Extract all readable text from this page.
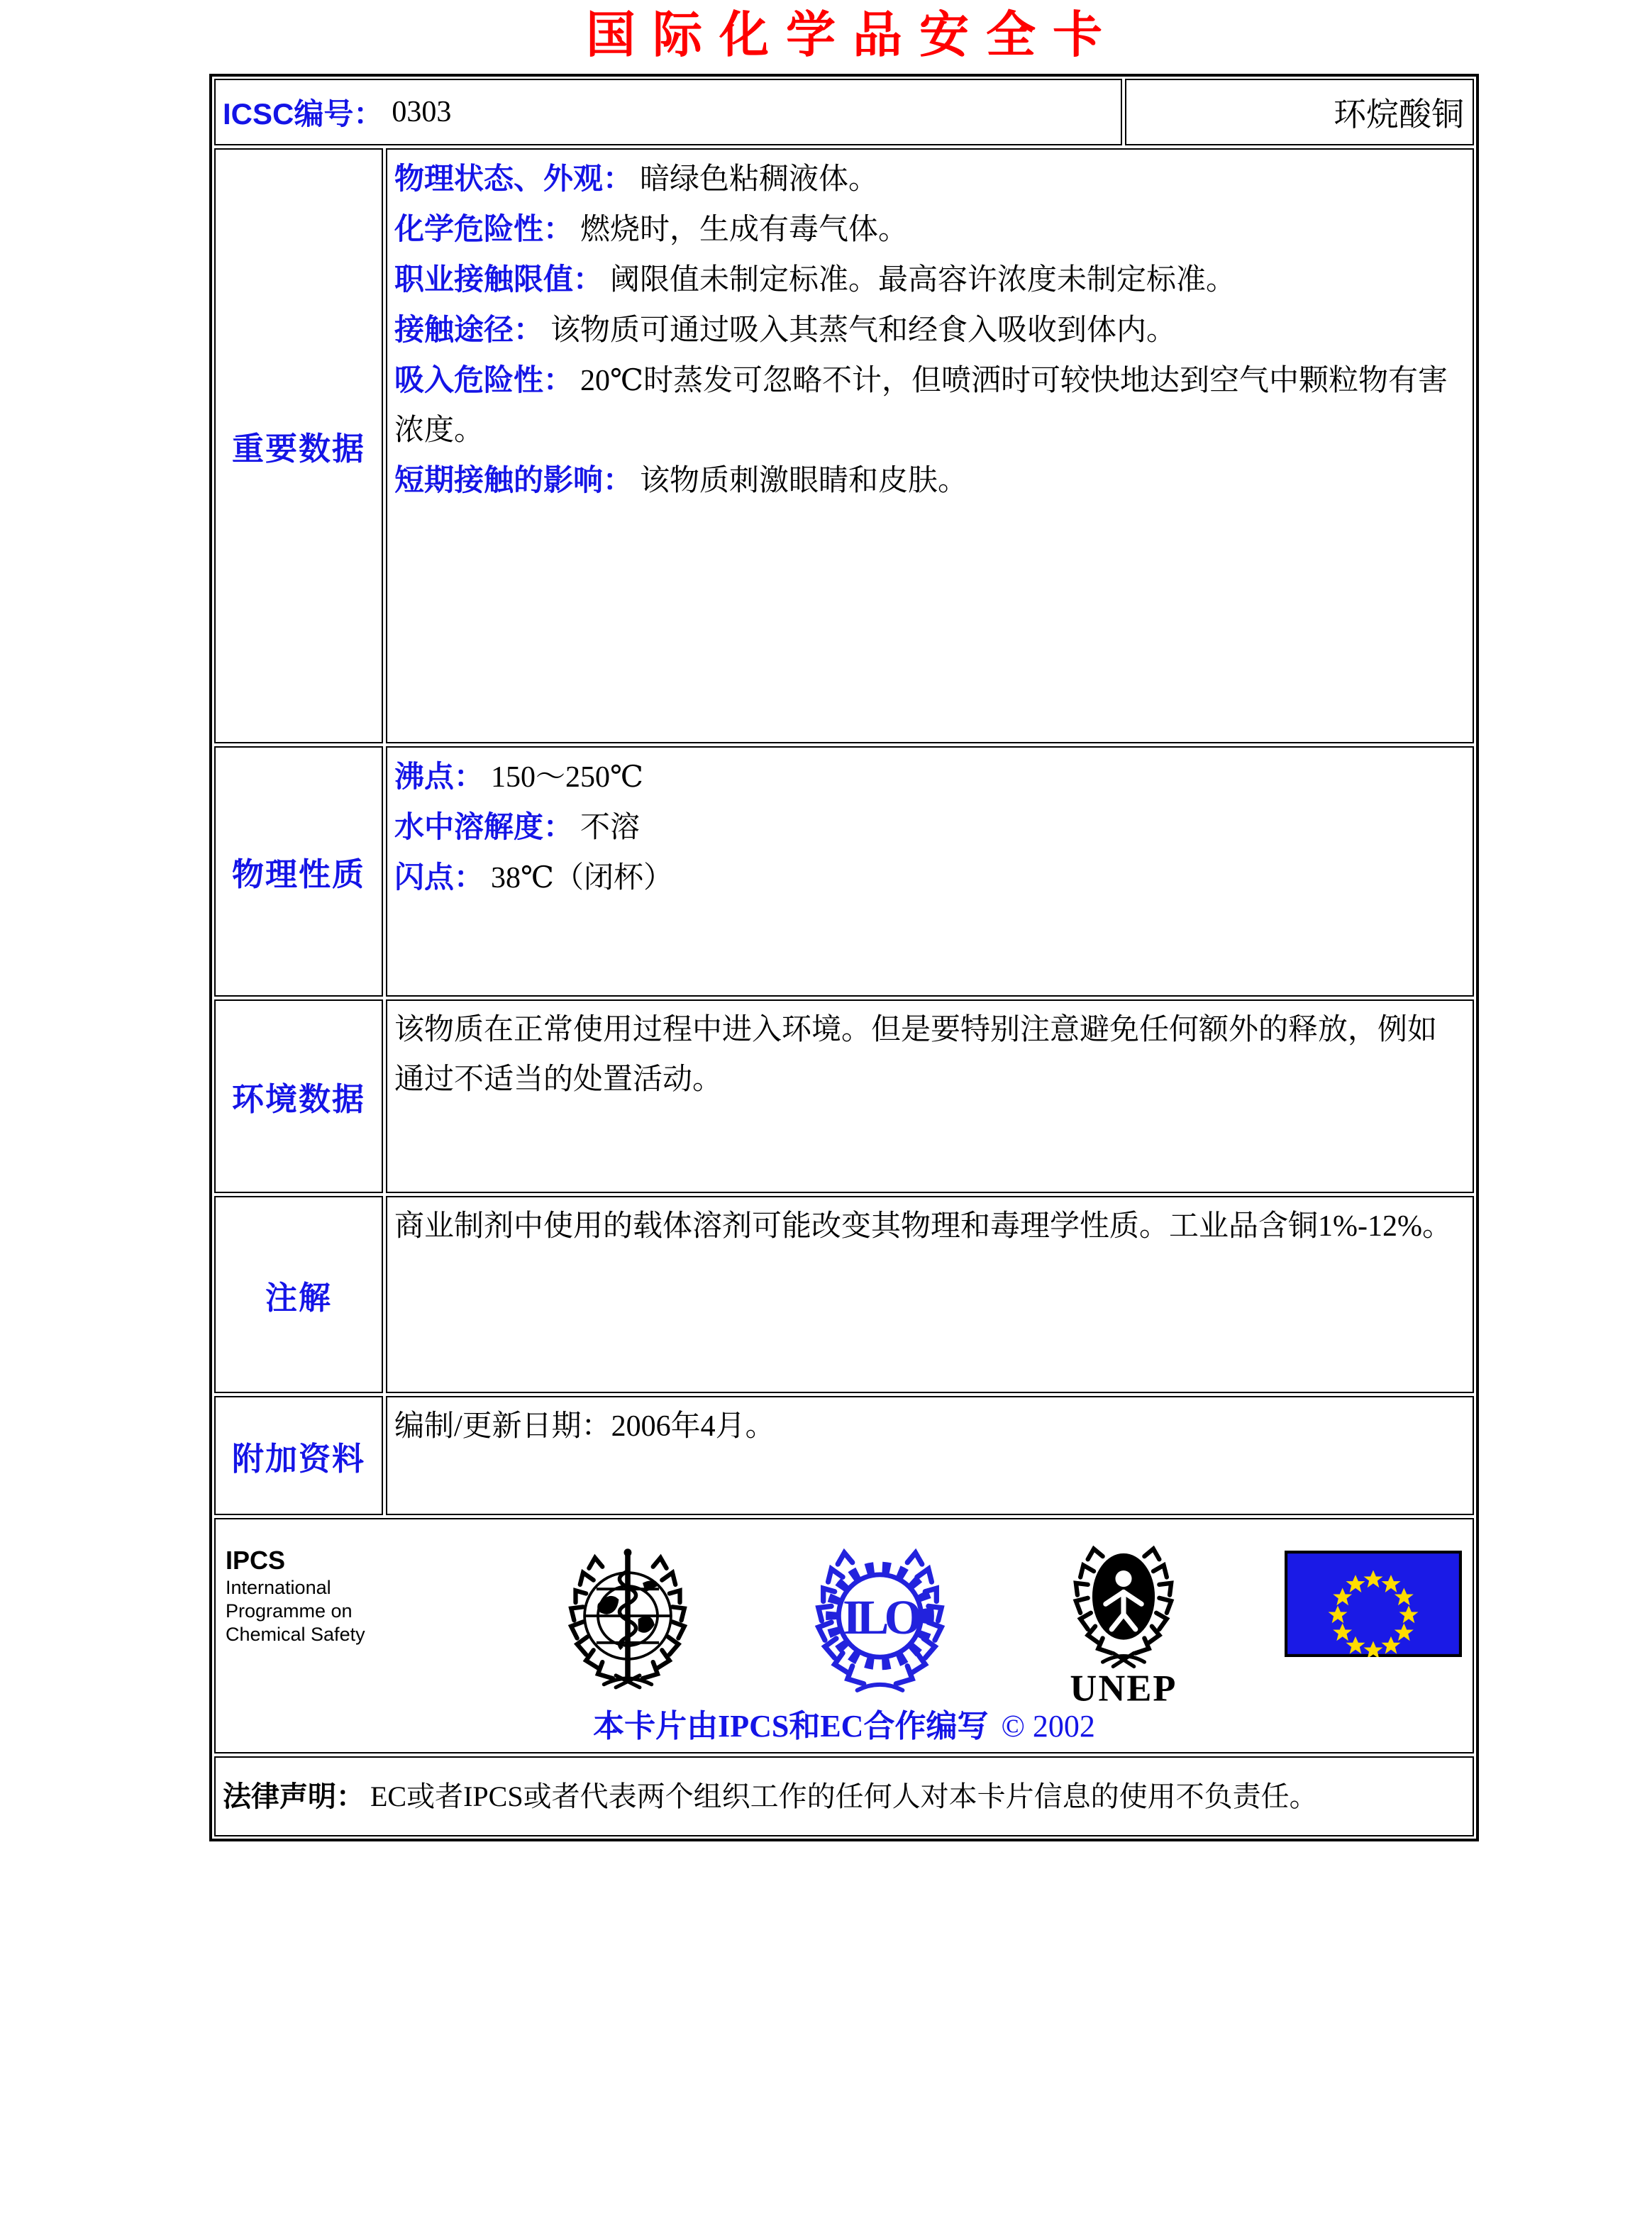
国际化学品安全卡
ICSC编号： 0303	环烷酸铜
重要数据
物理状态、外观： 暗绿色粘稠液体。
化学危险性： 燃烧时，生成有毒气体。
职业接触限值： 阈限值未制定标准。最高容许浓度未制定标准。
接触途径： 该物质可通过吸入其蒸气和经食入吸收到体内。
吸入危险性： 20℃时蒸发可忽略不计，但喷洒时可较快地达到空气中颗粒物有害浓度。
短期接触的影响： 该物质刺激眼睛和皮肤。
物理性质
沸点： 150～250℃
水中溶解度： 不溶
闪点： 38℃（闭杯）
环境数据
该物质在正常使用过程中进入环境。但是要特别注意避免任何额外的释放，例如通过不适当的处置活动。
注解
商业制剂中使用的载体溶剂可能改变其物理和毒理学性质。工业品含铜1%-12%。
附加资料
编制/更新日期：2006年4月。
IPCS
International
Programme on
Chemical Safety	ILO
UNEP
本卡片由IPCS和EC合作编写 © 2002
法律声明： EC或者IPCS或者代表两个组织工作的任何人对本卡片信息的使用不负责任。
